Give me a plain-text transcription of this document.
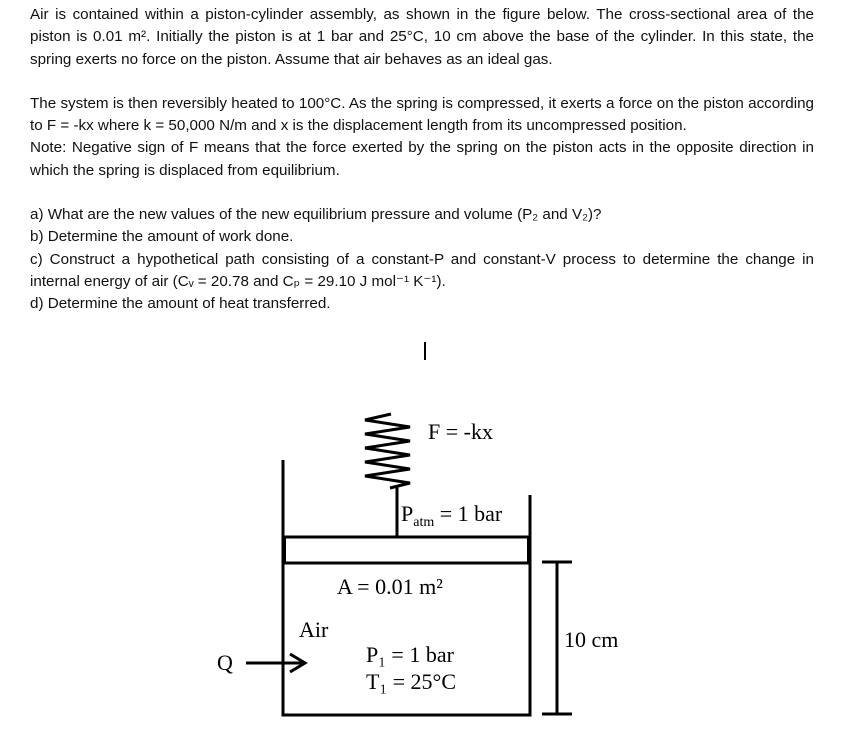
Air is contained within a piston-cylinder assembly, as shown in the figure below. The cross-sectional area of the piston is 0.01 m². Initially the piston is at 1 bar and 25°C, 10 cm above the base of the cylinder. In this state, the spring exerts no force on the piston. Assume that air behaves as an ideal gas.

The system is then reversibly heated to 100°C. As the spring is compressed, it exerts a force on the piston according to F = -kx where k = 50,000 N/m and x is the displacement length from its uncompressed position.

Note: Negative sign of F means that the force exerted by the spring on the piston acts in the opposite direction in which the spring is displaced from equilibrium.

a) What are the new values of the new equilibrium pressure and volume (P₂ and V₂)?

b) Determine the amount of work done.

c) Construct a hypothetical path consisting of a constant-P and constant-V process to determine the change in internal energy of air (Cᵥ = 20.78 and Cₚ = 29.10 J mol⁻¹ K⁻¹).

d) Determine the amount of heat transferred.

F = -kx
$P_{atm} = 1$ bar
A = 0.01 m²
Air
P₁ = 1 bar
T₁ = 25°C
10 cm
Q
